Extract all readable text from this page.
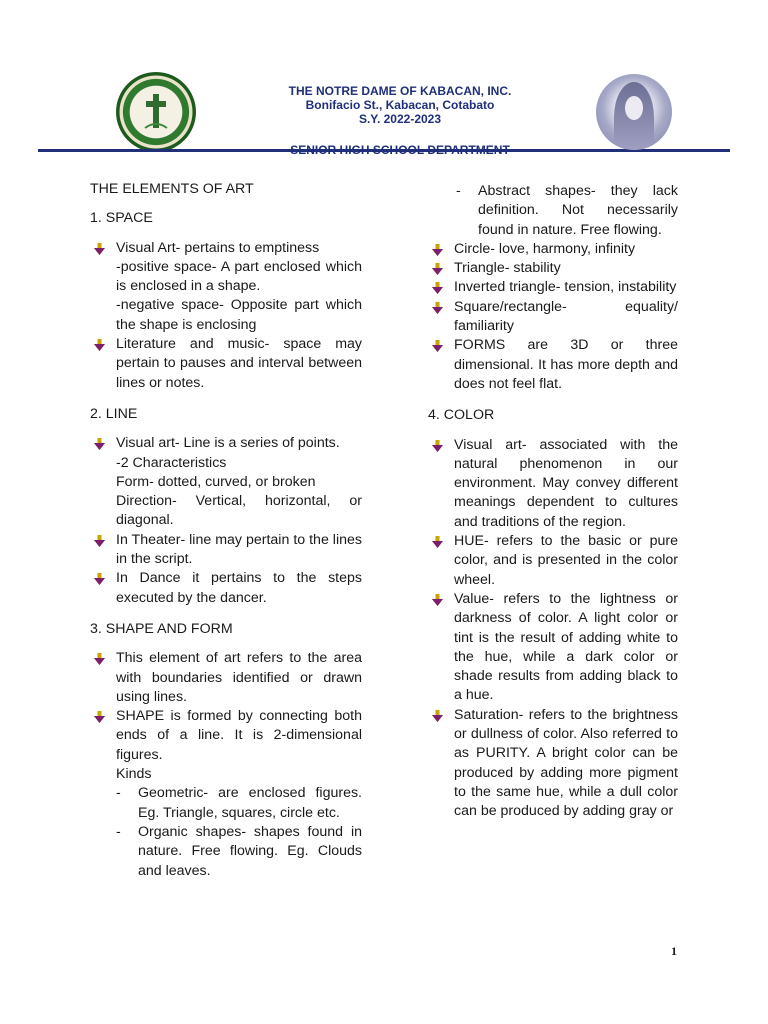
THE NOTRE DAME OF KABACAN, INC.
Bonifacio St., Kabacan, Cotabato
S.Y. 2022-2023
THE ELEMENTS OF ART
1. SPACE
Visual Art- pertains to emptiness
-positive space- A part enclosed which is enclosed in a shape.
-negative space- Opposite part which the shape is enclosing
Literature and music- space may pertain to pauses and interval between lines or notes.
2. LINE
Visual art- Line is a series of points.
-2 Characteristics
Form- dotted, curved, or broken
Direction- Vertical, horizontal, or diagonal.
In Theater- line may pertain to the lines in the script.
In Dance it pertains to the steps executed by the dancer.
3. SHAPE AND FORM
This element of art refers to the area with boundaries identified or drawn using lines.
SHAPE is formed by connecting both ends of a line. It is 2-dimensional figures.
Kinds
- Geometric- are enclosed figures. Eg. Triangle, squares, circle etc.
- Organic shapes- shapes found in nature. Free flowing. Eg. Clouds and leaves.
- Abstract shapes- they lack definition. Not necessarily found in nature. Free flowing.
Circle- love, harmony, infinity
Triangle- stability
Inverted triangle- tension, instability
Square/rectangle- equality/ familiarity
FORMS are 3D or three dimensional. It has more depth and does not feel flat.
4. COLOR
Visual art- associated with the natural phenomenon in our environment. May convey different meanings dependent to cultures and traditions of the region.
HUE- refers to the basic or pure color, and is presented in the color wheel.
Value- refers to the lightness or darkness of color. A light color or tint is the result of adding white to the hue, while a dark color or shade results from adding black to a hue.
Saturation- refers to the brightness or dullness of color. Also referred to as PURITY. A bright color can be produced by adding more pigment to the same hue, while a dull color can be produced by adding gray or
1
